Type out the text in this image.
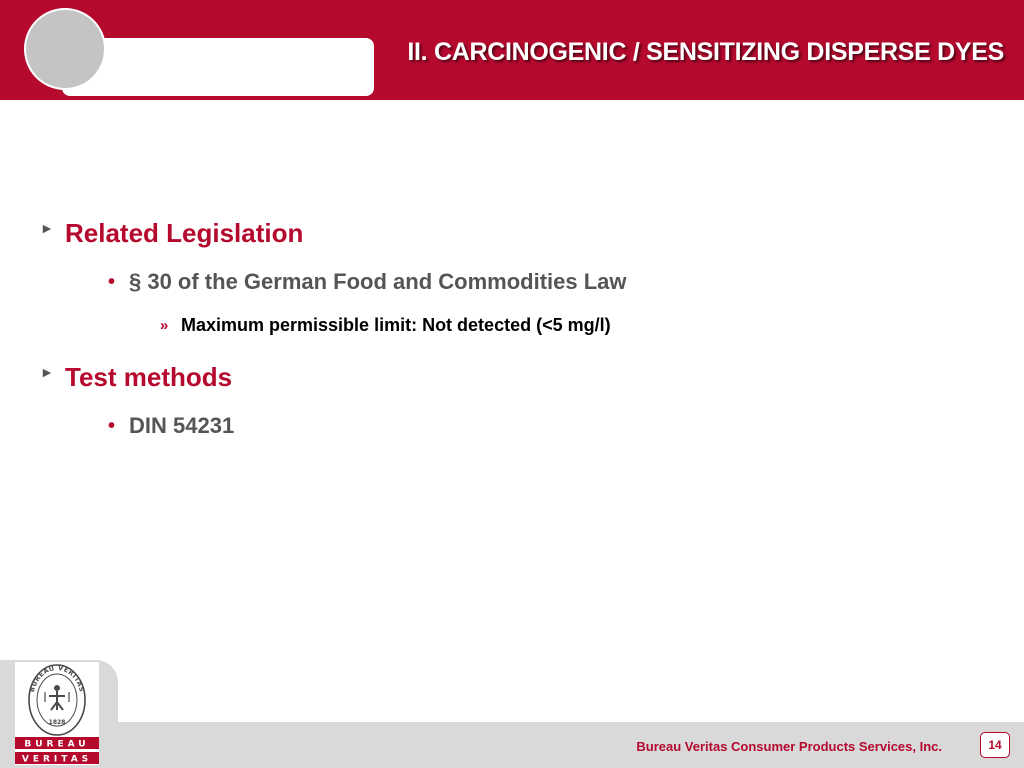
II. CARCINOGENIC / SENSITIZING DISPERSE DYES
► Related Legislation
• § 30 of the German Food and Commodities Law
» Maximum permissible limit: Not detected (<5 mg/l)
► Test methods
• DIN 54231
BUREAU VERITAS
1828
BUREAU
VERITAS
Bureau Veritas Consumer Products Services, Inc.	14
